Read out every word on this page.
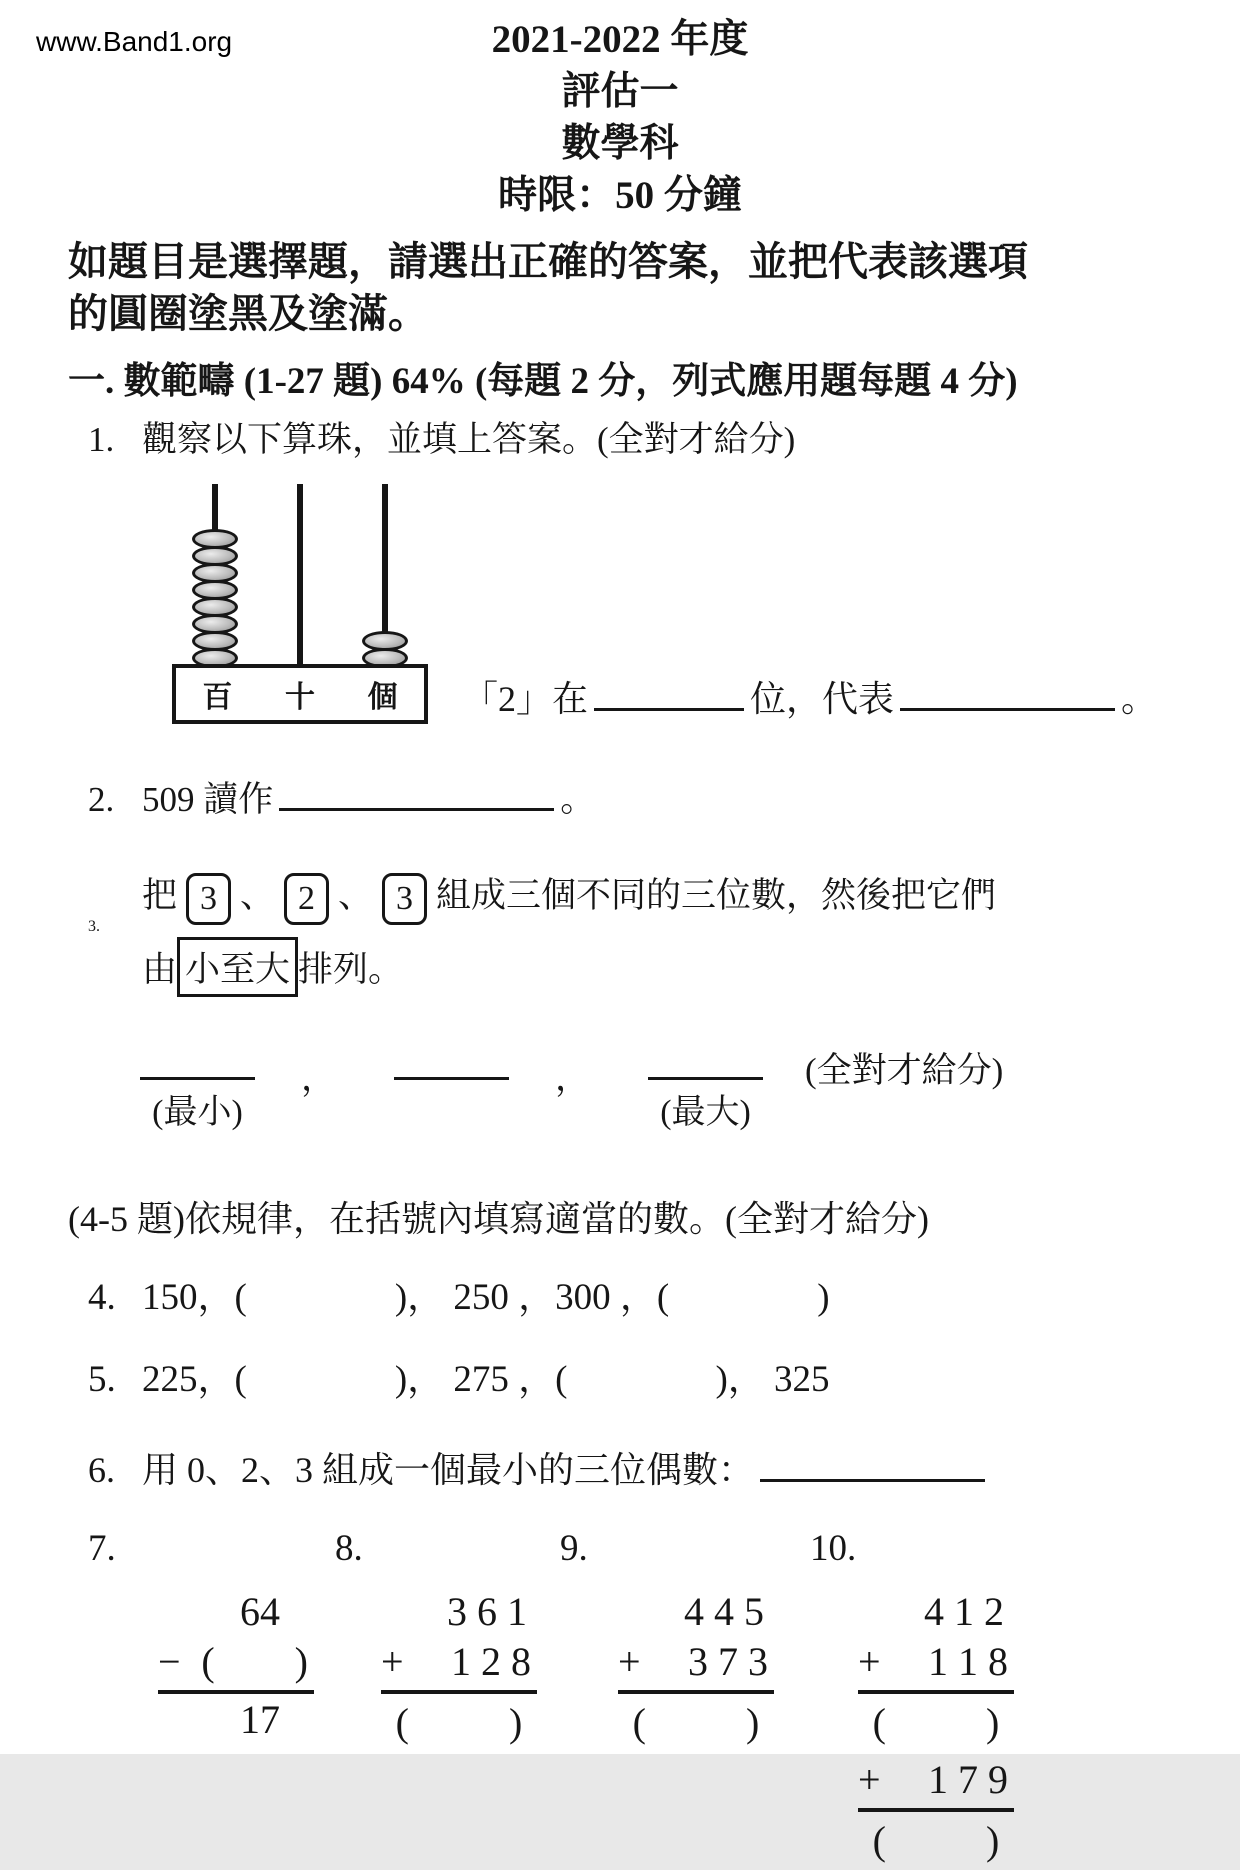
www.Band1.org	2021-2022 年度
評估一
數學科
時限：50 分鐘

如題目是選擇題，請選出正確的答案，並把代表該選項的圓圈塗黑及塗滿。

一. 數範疇 (1-27 題) 64% (每題 2 分，列式應用題每題 4 分)
1. 觀察以下算珠，並填上答案。(全對才給分)
百 十 個 「2」在	位，代表	。
2. 509 讀作	。
3.
把 3 、 2 、 3 組成三個不同的三位數，然後把它們
由 小至大 排列。
(最小)
，	，
(最大)
(全對才給分)

(4-5 題)依規律，在括號內填寫適當的數。(全對才給分)

4. 150，(　　　　)， 250 ，300 ，(　　　　)
5. 225，(　　　　)， 275 ，(　　　　)， 325
6. 用 0、2、3 組成一個最小的三位偶數：
7.
64
− (        )
17
8.
3 6 1
+ 1 2 8
(          )
9.
4 4 5
+ 3 7 3
(          )
10.
4 1 2
+ 1 1 8
(          )
+ 1 7 9
(          )
